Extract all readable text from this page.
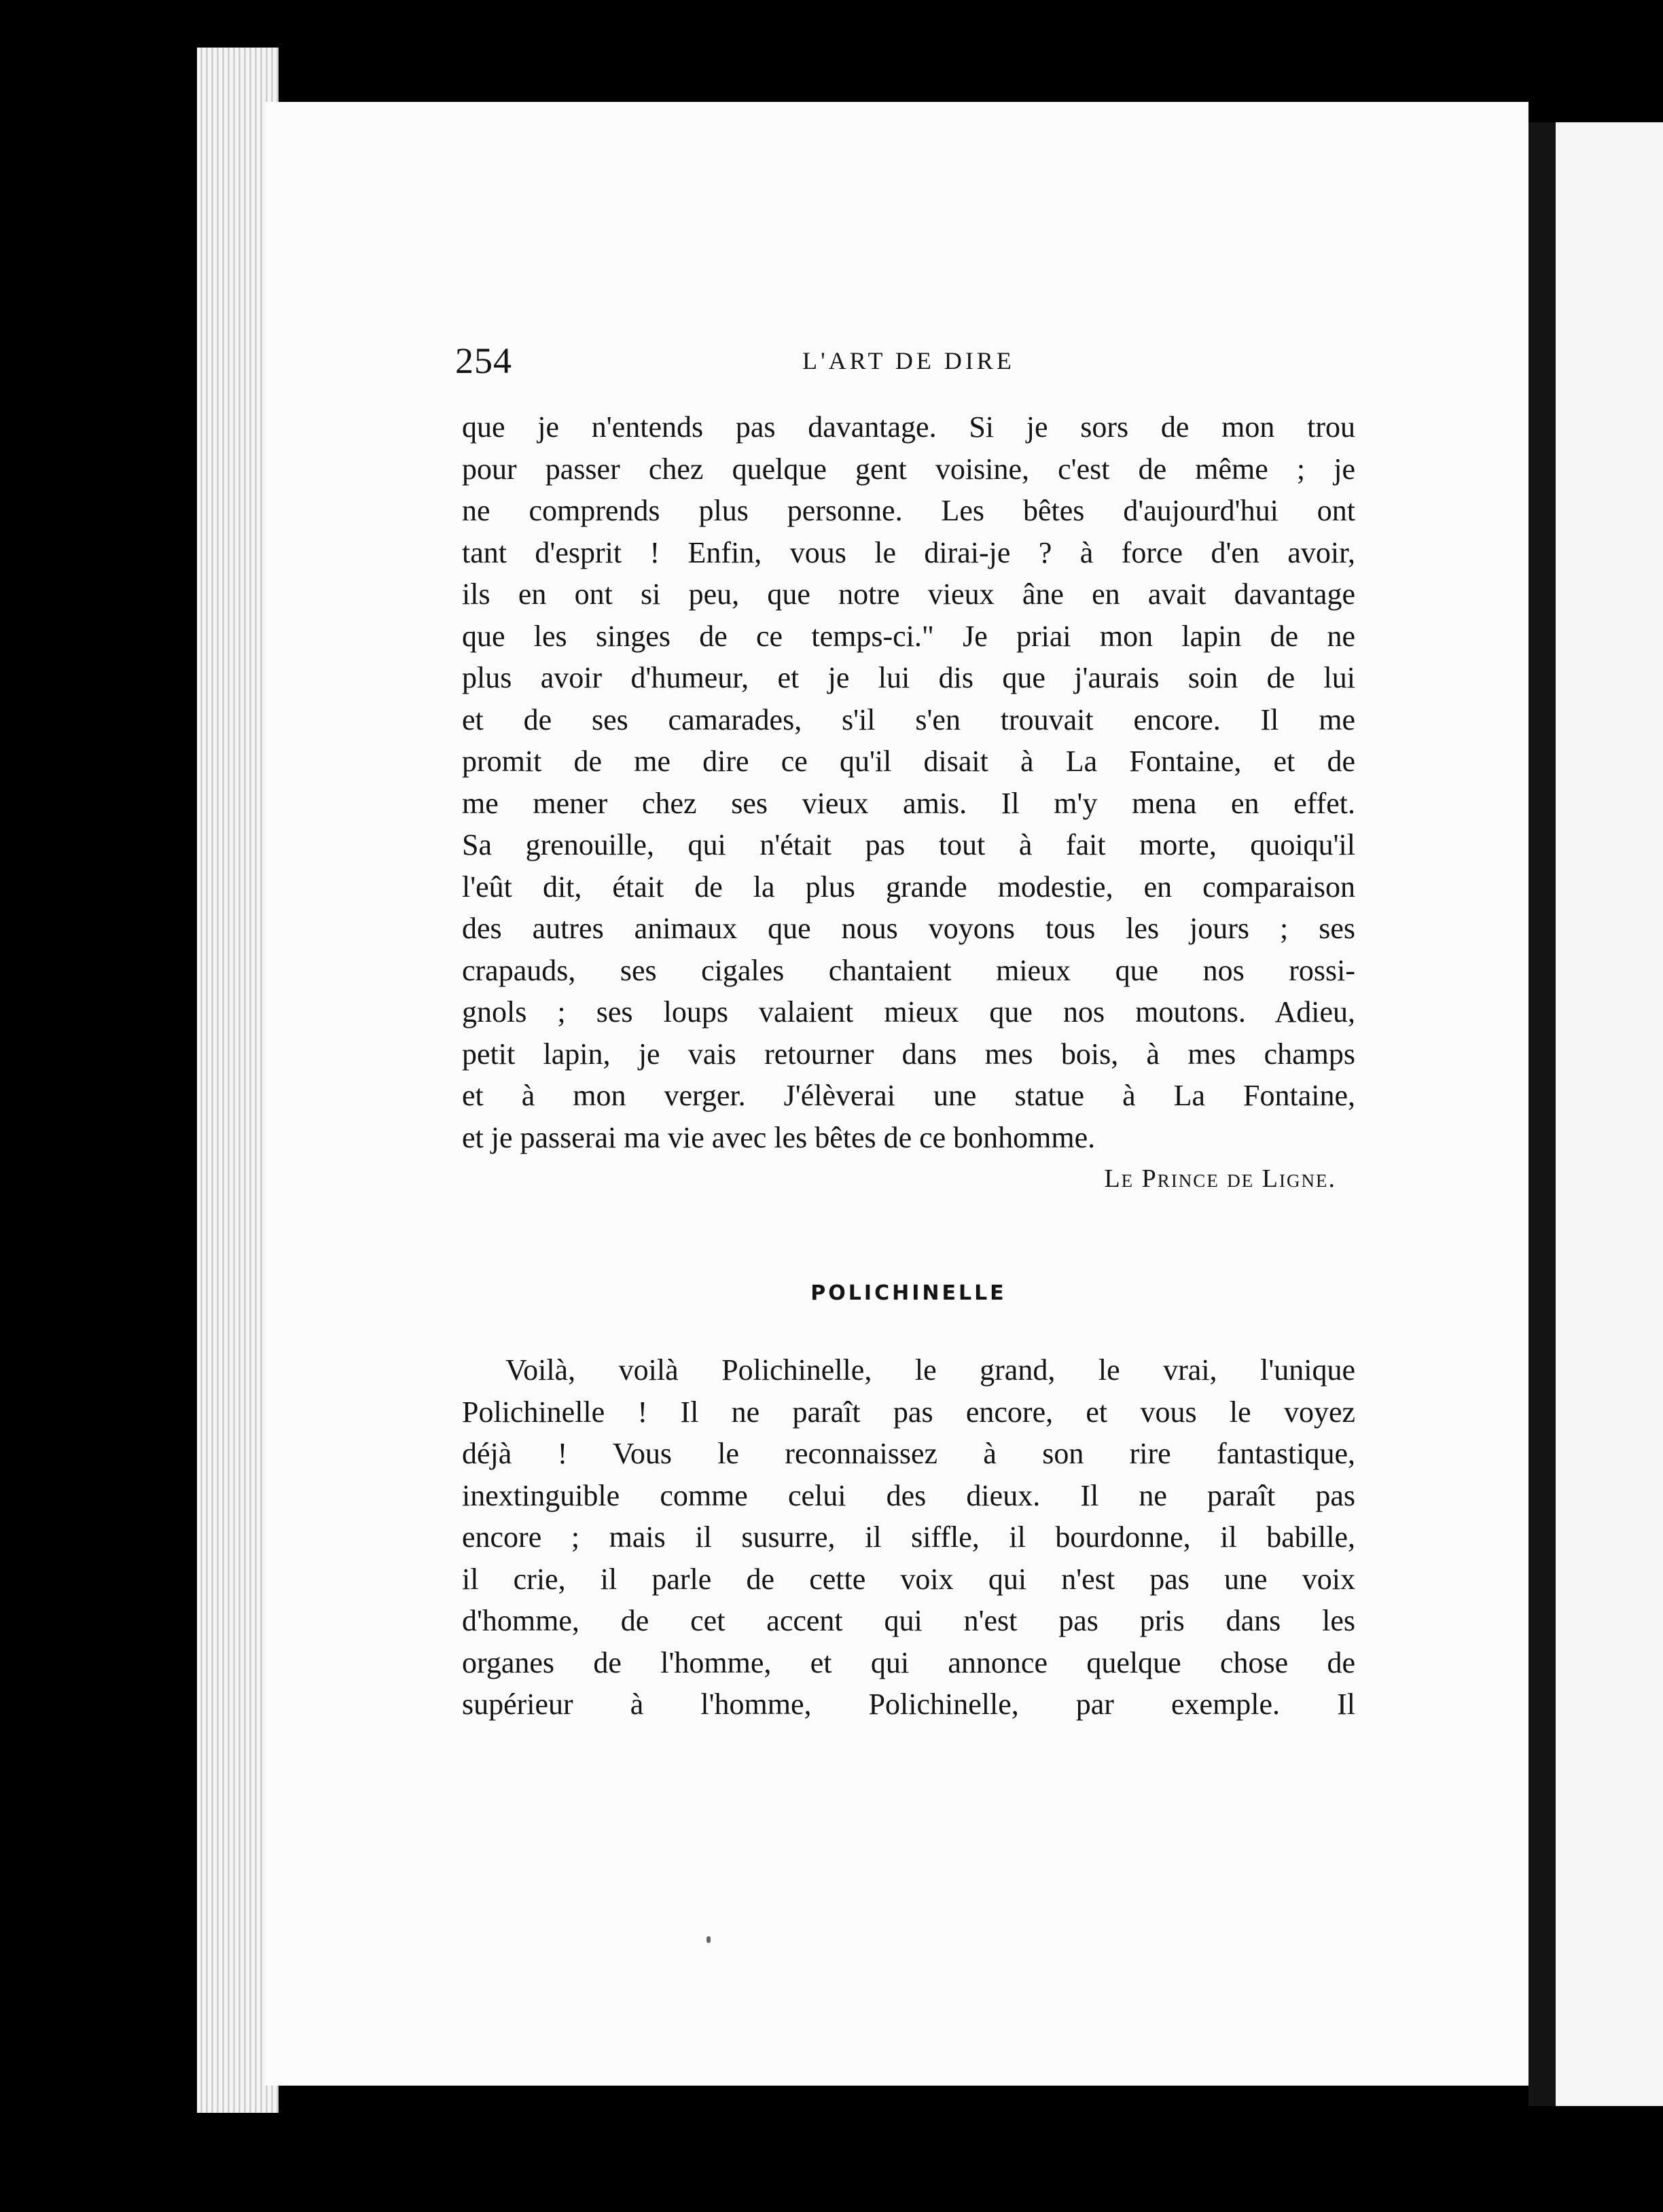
254	L'ART DE DIRE
que je n'entends pas davantage. Si je sors de mon trou
pour passer chez quelque gent voisine, c'est de même ; je
ne comprends plus personne. Les bêtes d'aujourd'hui ont
tant d'esprit ! Enfin, vous le dirai-je ? à force d'en avoir,
ils en ont si peu, que notre vieux âne en avait davantage
que les singes de ce temps-ci." Je priai mon lapin de ne
plus avoir d'humeur, et je lui dis que j'aurais soin de lui
et de ses camarades, s'il s'en trouvait encore. Il me
promit de me dire ce qu'il disait à La Fontaine, et de
me mener chez ses vieux amis. Il m'y mena en effet.
Sa grenouille, qui n'était pas tout à fait morte, quoiqu'il
l'eût dit, était de la plus grande modestie, en comparaison
des autres animaux que nous voyons tous les jours ; ses
crapauds, ses cigales chantaient mieux que nos rossi-
gnols ; ses loups valaient mieux que nos moutons. Adieu,
petit lapin, je vais retourner dans mes bois, à mes champs
et à mon verger. J'élèverai une statue à La Fontaine,
et je passerai ma vie avec les bêtes de ce bonhomme.
Le Prince de Ligne.
POLICHINELLE
Voilà, voilà Polichinelle, le grand, le vrai, l'unique
Polichinelle ! Il ne paraît pas encore, et vous le voyez
déjà ! Vous le reconnaissez à son rire fantastique,
inextinguible comme celui des dieux. Il ne paraît pas
encore ; mais il susurre, il siffle, il bourdonne, il babille,
il crie, il parle de cette voix qui n'est pas une voix
d'homme, de cet accent qui n'est pas pris dans les
organes de l'homme, et qui annonce quelque chose de
supérieur à l'homme, Polichinelle, par exemple. Il
